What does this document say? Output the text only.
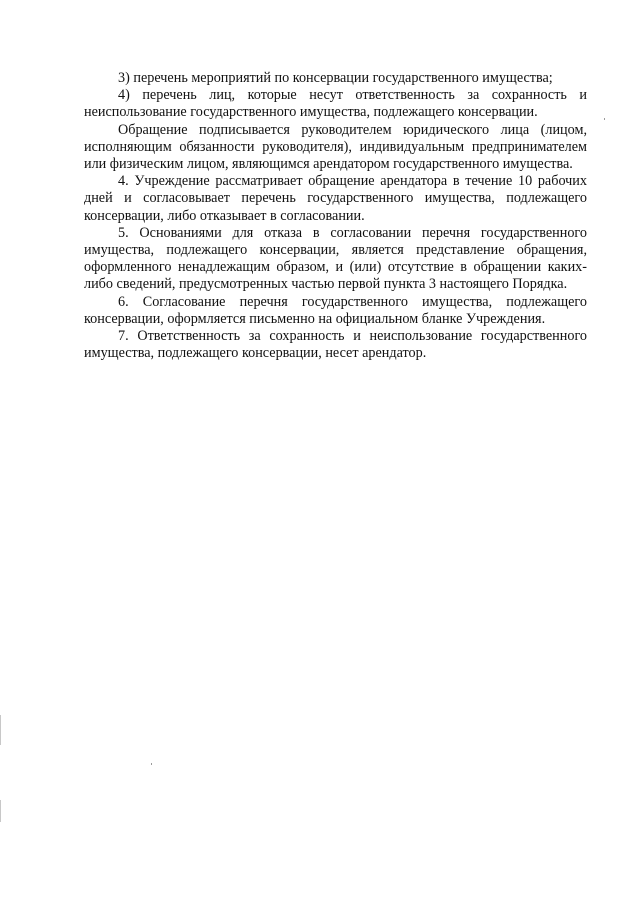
3) перечень мероприятий по консервации государственного имущества;

4) перечень лиц, которые несут ответственность за сохранность и неиспользование государственного имущества, подлежащего консервации.

Обращение подписывается руководителем юридического лица (лицом, исполняющим обязанности руководителя), индивидуальным предпринимателем или физическим лицом, являющимся арендатором государственного имущества.

4. Учреждение рассматривает обращение арендатора в течение 10 рабочих дней и согласовывает перечень государственного имущества, подлежащего консервации, либо отказывает в согласовании.

5. Основаниями для отказа в согласовании перечня государственного имущества, подлежащего консервации, является представление обращения, оформленного ненадлежащим образом, и (или) отсутствие в обращении каких-либо сведений, предусмотренных частью первой пункта 3 настоящего Порядка.

6. Согласование перечня государственного имущества, подлежащего консервации, оформляется письменно на официальном бланке Учреждения.

7. Ответственность за сохранность и неиспользование государственного имущества, подлежащего консервации, несет арендатор.
